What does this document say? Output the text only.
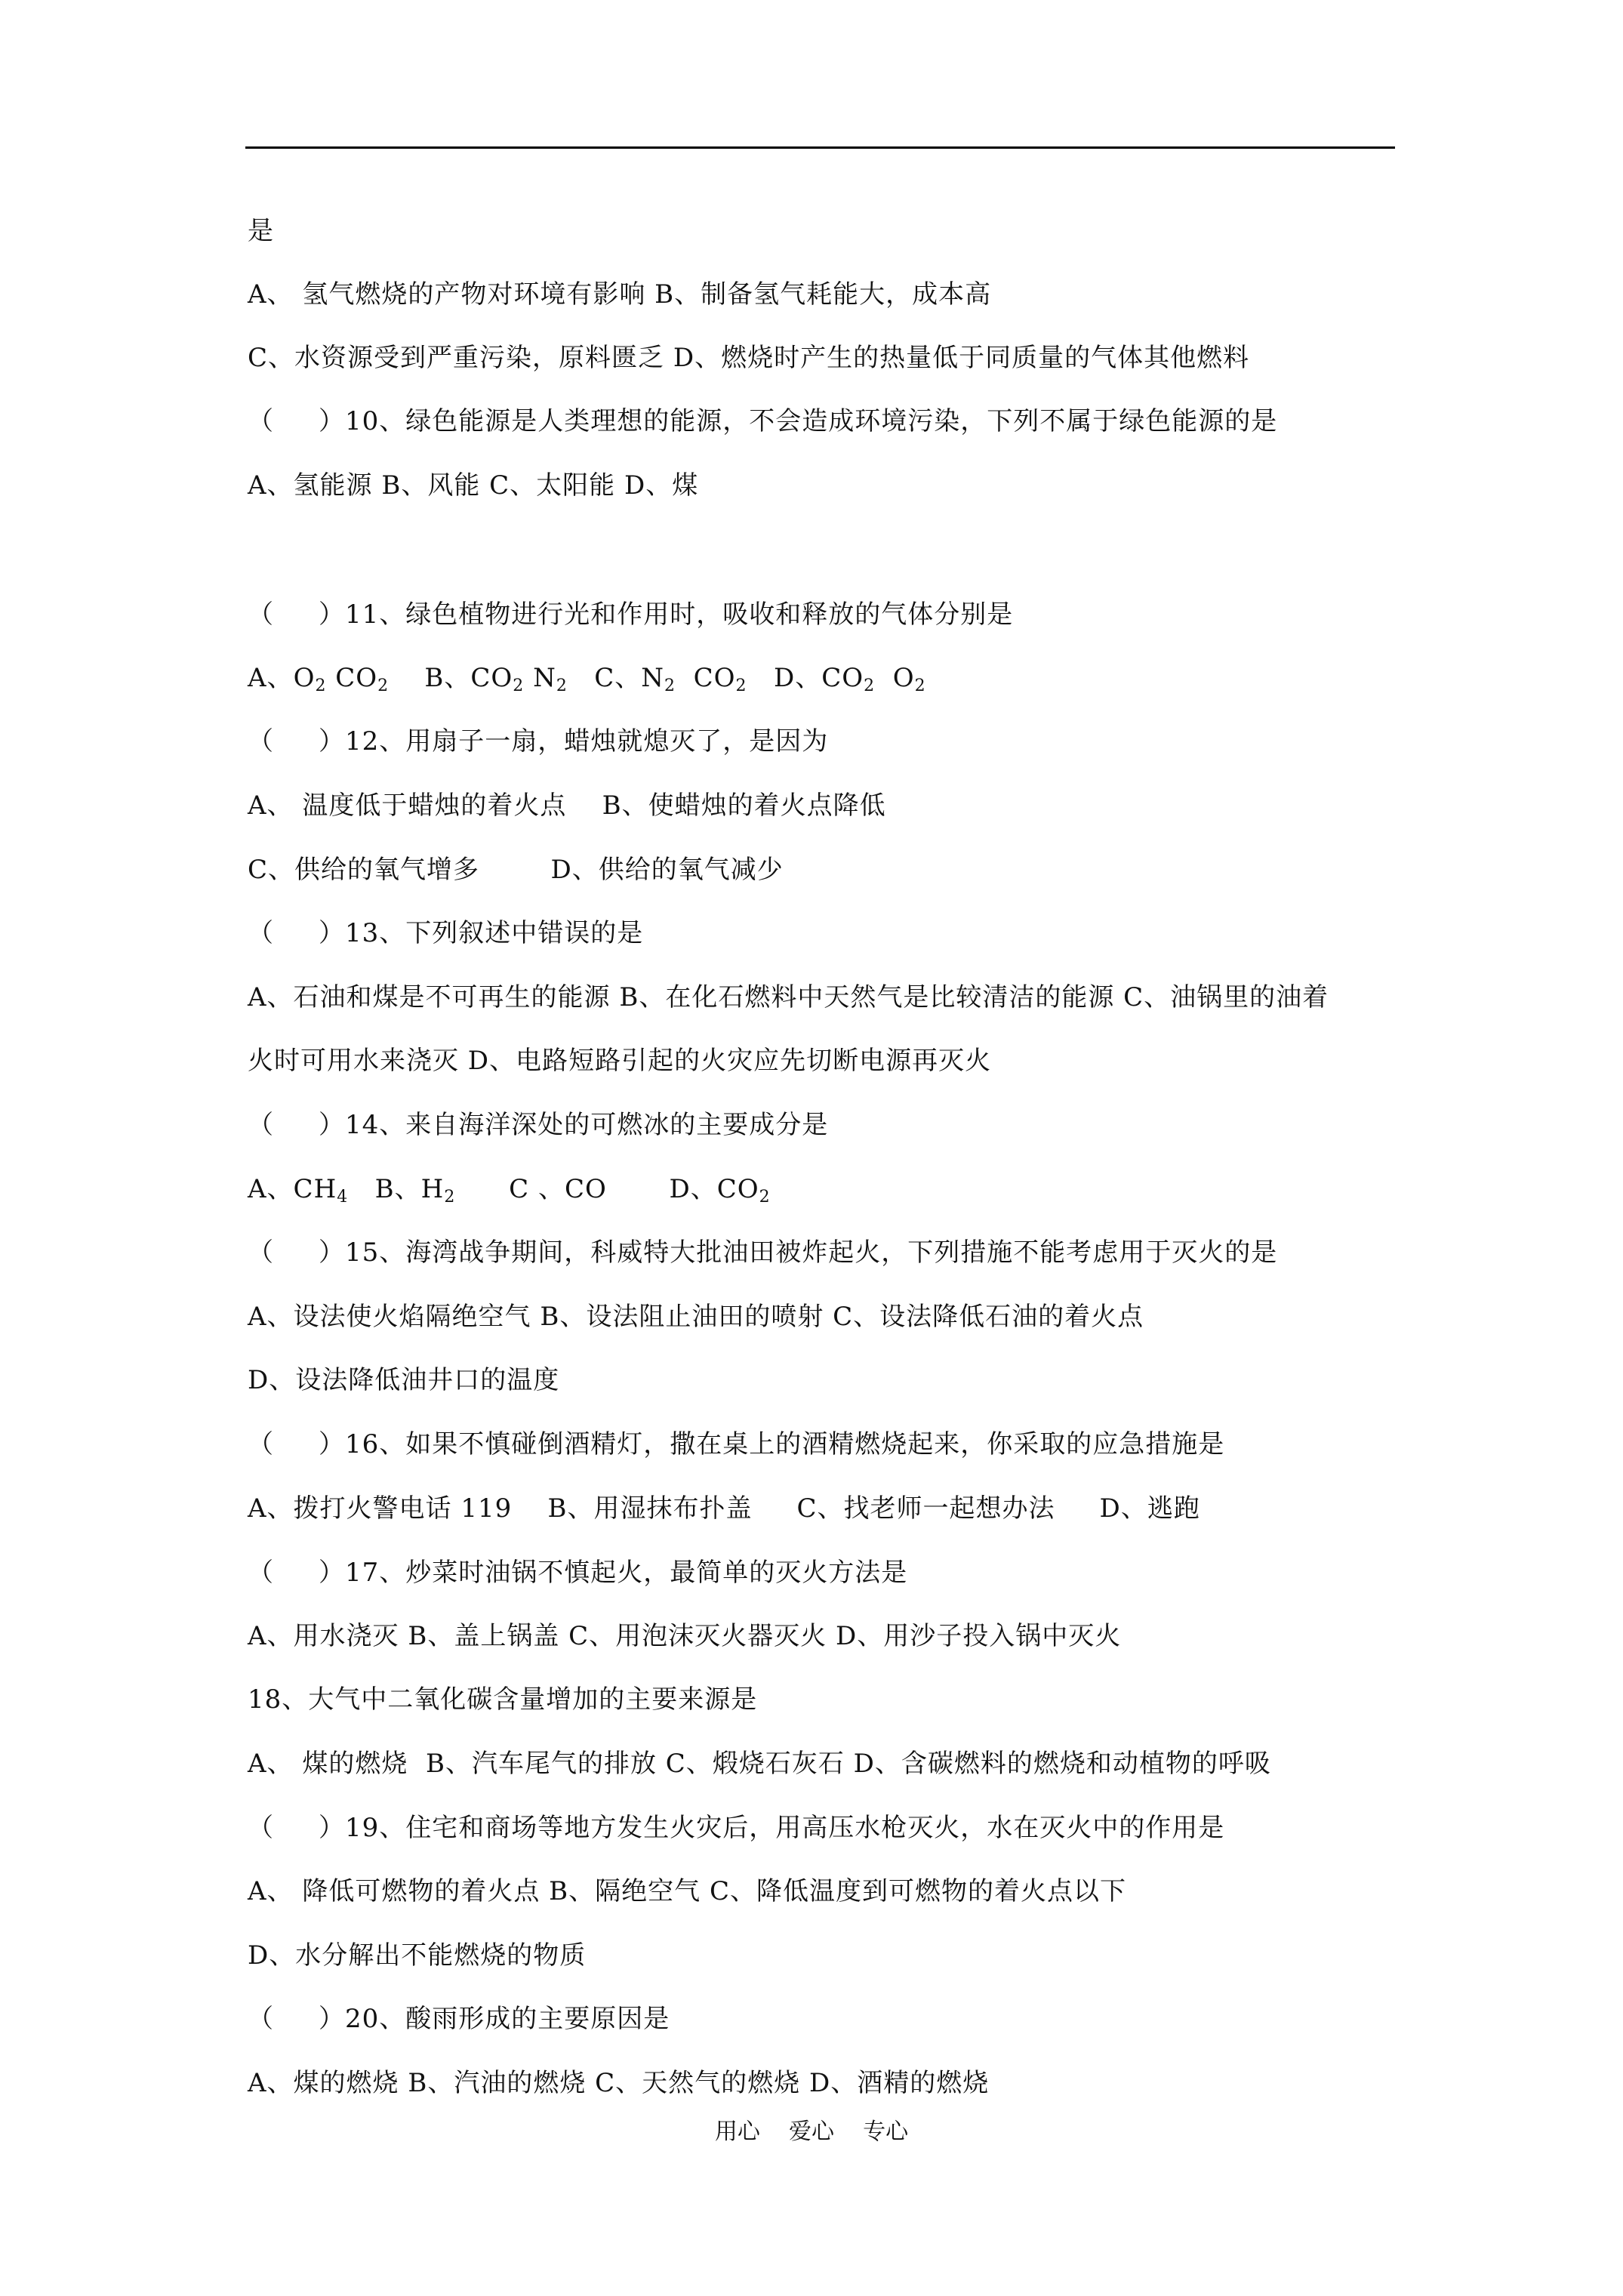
是
A、 氢气燃烧的产物对环境有影响 B、制备氢气耗能大，成本高
C、水资源受到严重污染，原料匮乏 D、燃烧时产生的热量低于同质量的气体其他燃料
（     ）10、绿色能源是人类理想的能源，不会造成环境污染，下列不属于绿色能源的是
A、氢能源 B、风能 C、太阳能 D、煤
（     ）11、绿色植物进行光和作用时，吸收和释放的气体分别是
A、$O_2$ $CO_2$    B、$CO_2$ $N_2$   C、$N_2$  $CO_2$   D、$CO_2$ $O_2$
（     ）12、用扇子一扇，蜡烛就熄灭了，是因为
A、 温度低于蜡烛的着火点    B、使蜡烛的着火点降低
C、供给的氧气增多        D、供给的氧气减少
（     ）13、下列叙述中错误的是
A、石油和煤是不可再生的能源 B、在化石燃料中天然气是比较清洁的能源 C、油锅里的油着
火时可用水来浇灭 D、电路短路引起的火灾应先切断电源再灭火
（     ）14、来自海洋深处的可燃冰的主要成分是
A、$CH_4$   B、$H_2$      C 、CO       D、$CO_2$
（     ）15、海湾战争期间，科威特大批油田被炸起火，下列措施不能考虑用于灭火的是
A、设法使火焰隔绝空气 B、设法阻止油田的喷射 C、设法降低石油的着火点
D、设法降低油井口的温度
（     ）16、如果不慎碰倒酒精灯，撒在桌上的酒精燃烧起来，你采取的应急措施是
A、拨打火警电话 119    B、用湿抹布扑盖     C、找老师一起想办法     D、逃跑
（     ）17、炒菜时油锅不慎起火，最简单的灭火方法是
A、用水浇灭 B、盖上锅盖 C、用泡沫灭火器灭火 D、用沙子投入锅中灭火
18、大气中二氧化碳含量增加的主要来源是
A、 煤的燃烧  B、汽车尾气的排放 C、煅烧石灰石 D、含碳燃料的燃烧和动植物的呼吸
（     ）19、住宅和商场等地方发生火灾后，用高压水枪灭火，水在灭火中的作用是
A、 降低可燃物的着火点 B、隔绝空气 C、降低温度到可燃物的着火点以下
D、水分解出不能燃烧的物质
（     ）20、酸雨形成的主要原因是
A、煤的燃烧 B、汽油的燃烧 C、天然气的燃烧 D、酒精的燃烧
用心    爱心    专心
